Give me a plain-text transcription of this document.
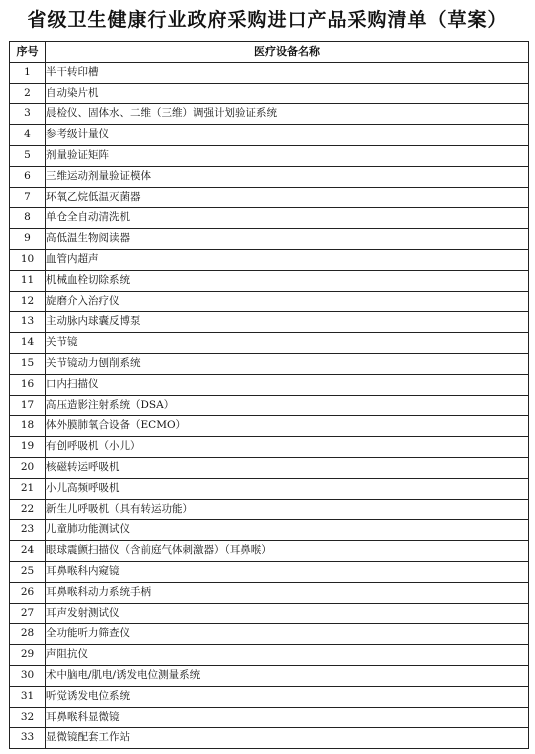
省级卫生健康行业政府采购进口产品采购清单（草案）
序号	医疗设备名称
1	半干转印槽
2	自动染片机
3	晨检仪、固体水、二维（三维）调强计划验证系统
4	参考级计量仪
5	剂量验证矩阵
6	三维运动剂量验证模体
7	环氧乙烷低温灭菌器
8	单仓全自动清洗机
9	高低温生物阅读器
10	血管内超声
11	机械血栓切除系统
12	旋磨介入治疗仪
13	主动脉内球囊反博泵
14	关节镜
15	关节镜动力刨削系统
16	口内扫描仪
17	高压造影注射系统（DSA）
18	体外膜肺氧合设备（ECMO）
19	有创呼吸机（小儿）
20	核磁转运呼吸机
21	小儿高频呼吸机
22	新生儿呼吸机（具有转运功能）
23	儿童肺功能测试仪
24	眼球震颤扫描仪（含前庭气体刺激器）（耳鼻喉）
25	耳鼻喉科内窥镜
26	耳鼻喉科动力系统手柄
27	耳声发射测试仪
28	全功能听力筛查仪
29	声阻抗仪
30	术中脑电/肌电/诱发电位测量系统
31	听觉诱发电位系统
32	耳鼻喉科显微镜
33	显微镜配套工作站
